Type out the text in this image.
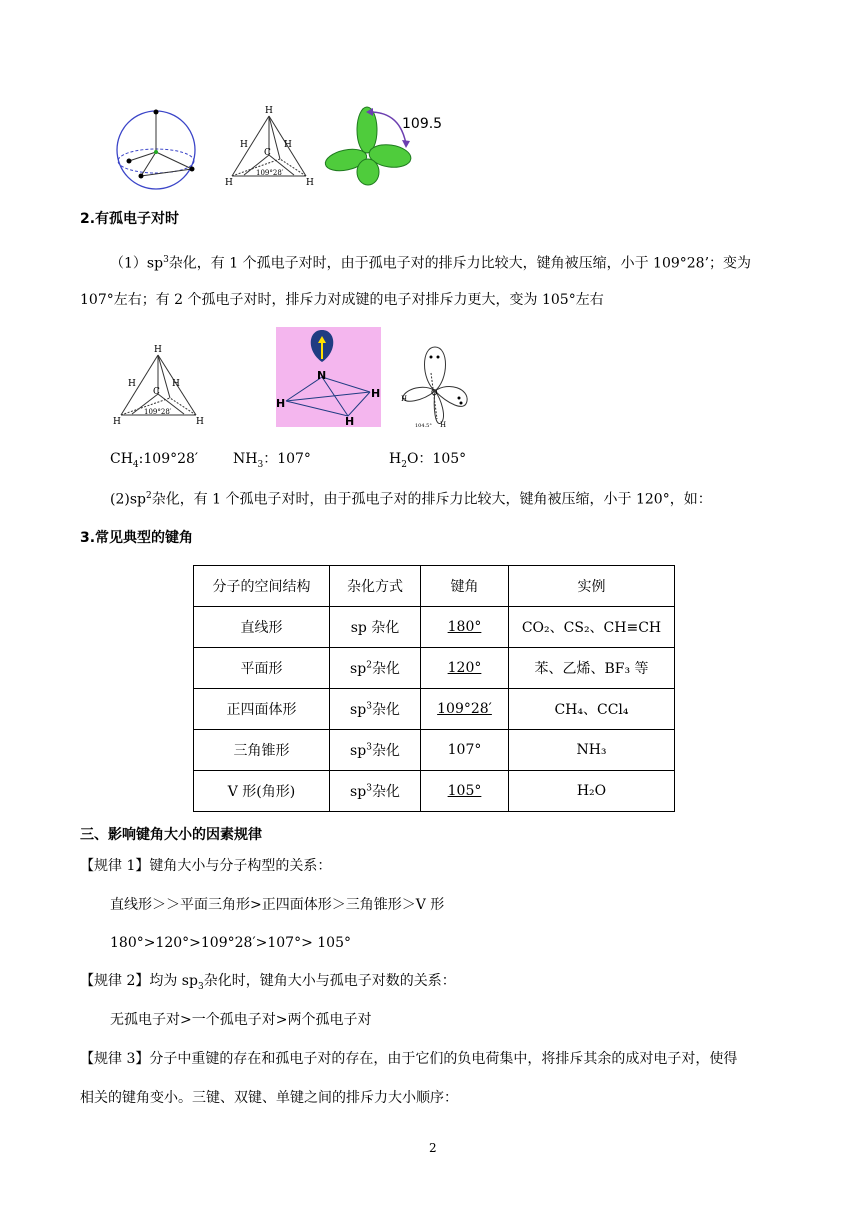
H
C
H	H
H	H
109°28′
109.5
2.有孤电子对时
$(1)sp^3$杂化，有 1 个孤电子对时，由于孤电子对的排斥力比较大，键角被压缩，小于 109°28’；变为
107°左右；有 2 个孤电子对时，排斥力对成键的电子对排斥力更大，变为 105°左右
H
C
H	H
H	H
109°28′
N
H
H
H
O
H
H
104.5°
$CH_4:109^\circ 28'$ $NH_3$：107°	$H_2O$：105°
$(2)sp^2$杂化，有 1 个孤电子对时，由于孤电子对的排斥力比较大，键角被压缩，小于 120°，如：
3.常见典型的键角
分子的空间结构	杂化方式	键角	实例
直线形	sp 杂化	180°	CO₂、CS₂、CH≡CH
平面形	$sp^2$杂化	120°	苯、乙烯、BF₃ 等
正四面体形	$sp^3$杂化	109°28′	CH₄、CCl₄
三角锥形	$sp^3$杂化	107°	NH₃
V 形(角形)	$sp^3$杂化	105°	H₂O
三、影响键角大小的因素规律
【规律 1】键角大小与分子构型的关系：
直线形＞＞平面三角形>正四面体形＞三角锥形＞V 形
180°>120°>109°28′>107°> 105°
【规律 2】均为 $sp_3$杂化时，键角大小与孤电子对数的关系：
无孤电子对>一个孤电子对>两个孤电子对
【规律 3】分子中重键的存在和孤电子对的存在，由于它们的负电荷集中，将排斥其余的成对电子对，使得
相关的键角变小。三键、双键、单键之间的排斥力大小顺序：
2
